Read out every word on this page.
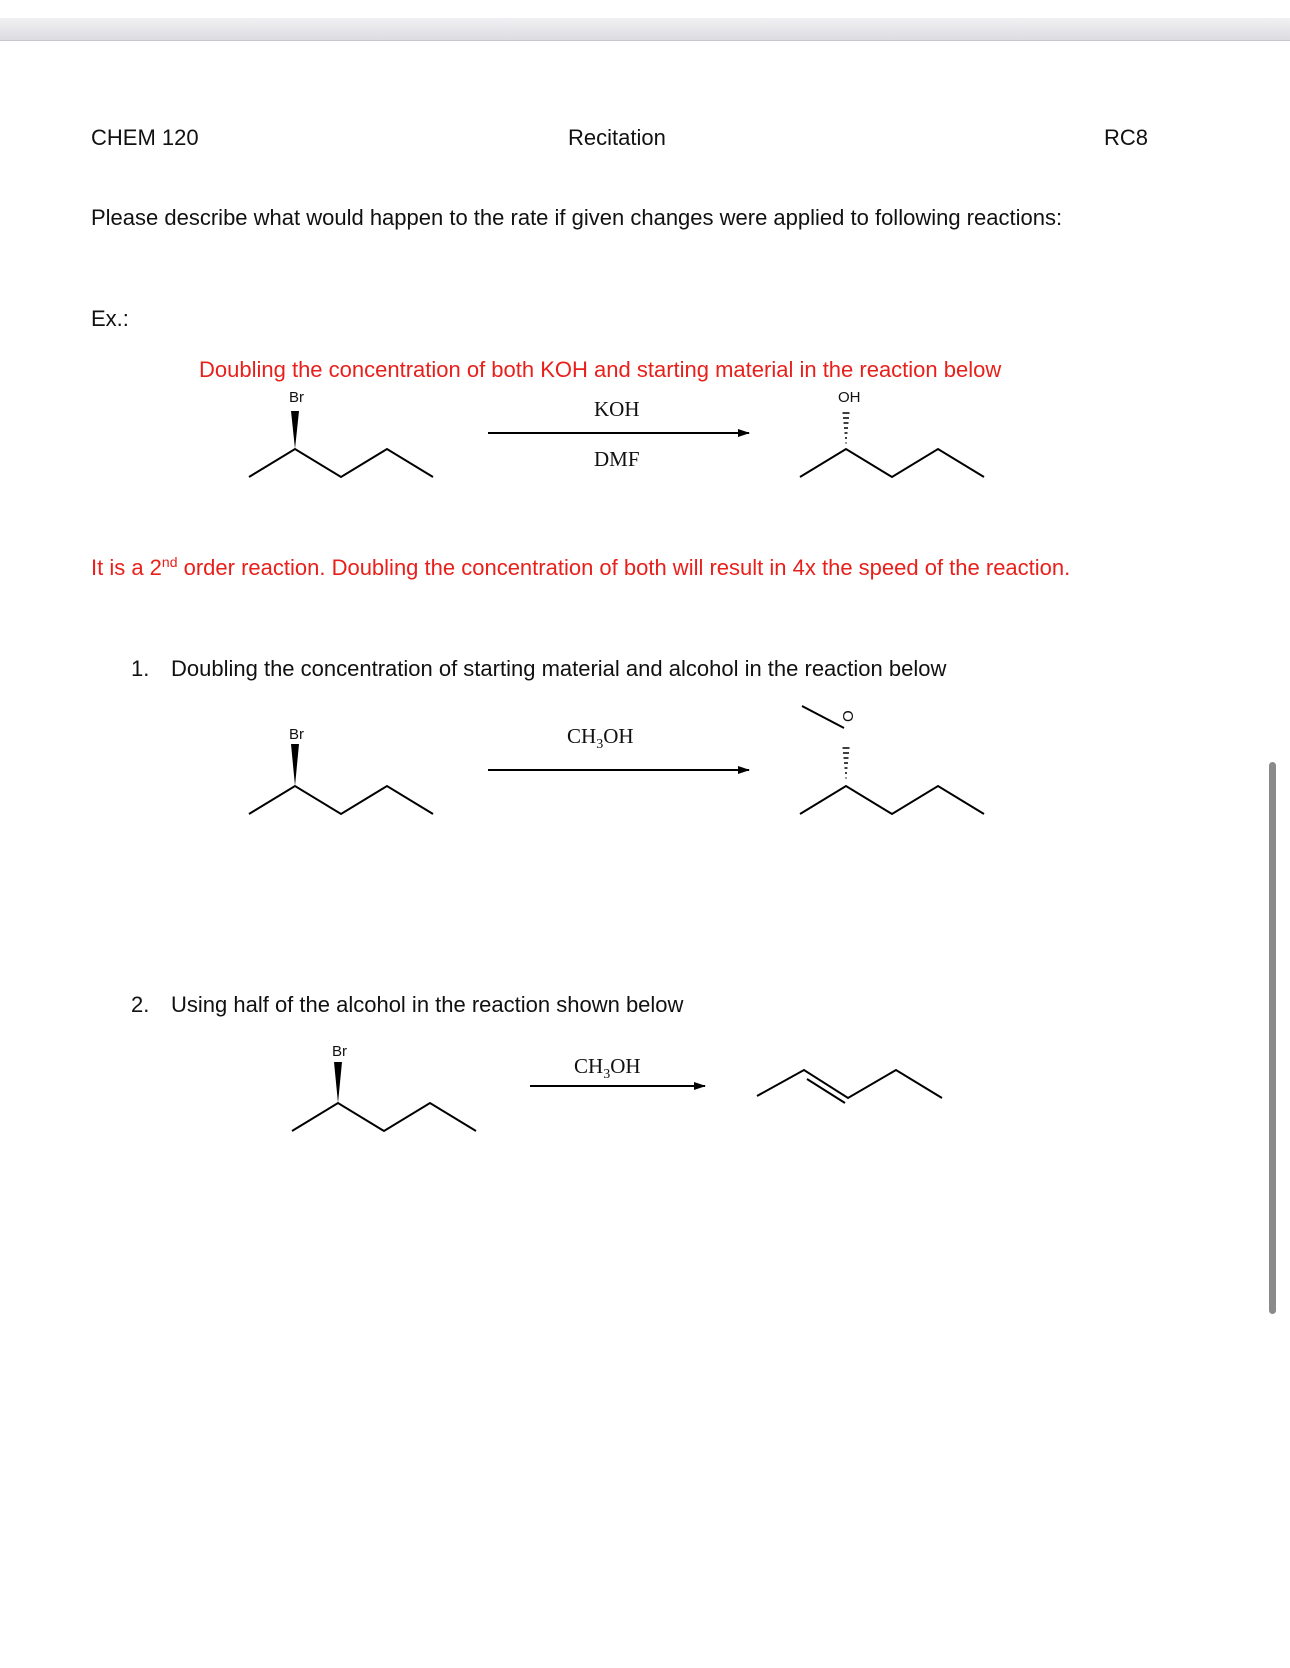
CHEM 120	Recitation	RC8
Please describe what would happen to the rate if given changes were applied to following reactions:
Ex.:
Doubling the concentration of both KOH and starting material in the reaction below
Br	OH
KOH
DMF
It is a 2nd order reaction. Doubling the concentration of both will result in 4x the speed of the reaction.
1. Doubling the concentration of starting material and alcohol in the reaction below
Br
O
$CH_3OH$
2. Using half of the alcohol in the reaction shown below
Br
$CH_3OH$
